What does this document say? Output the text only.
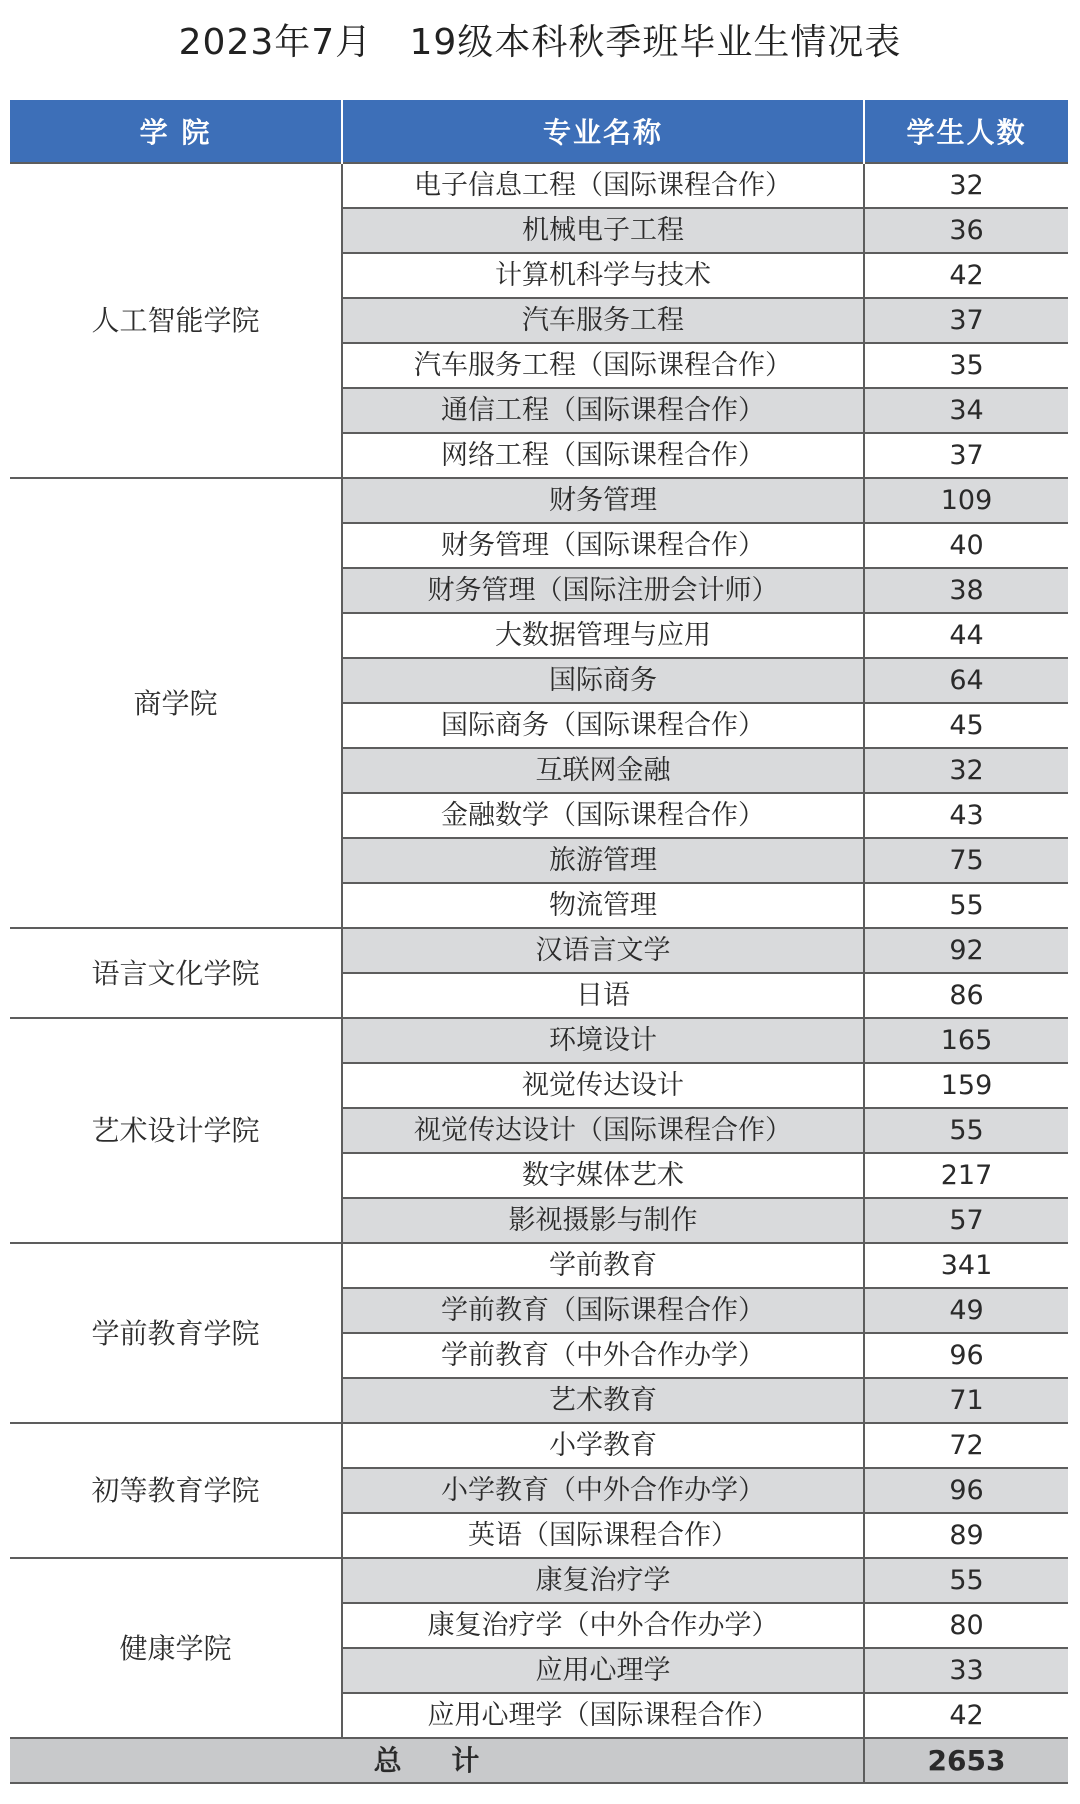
2023年7月   19级本科秋季班毕业生情况表
学 院	专业名称	学生人数
人工智能学院	电子信息工程（国际课程合作）	32
	机械电子工程	36
	计算机科学与技术	42
	汽车服务工程	37
	汽车服务工程（国际课程合作）	35
	通信工程（国际课程合作）	34
	网络工程（国际课程合作）	37
商学院	财务管理	109
	财务管理（国际课程合作）	40
	财务管理（国际注册会计师）	38
	大数据管理与应用	44
	国际商务	64
	国际商务（国际课程合作）	45
	互联网金融	32
	金融数学（国际课程合作）	43
	旅游管理	75
	物流管理	55
语言文化学院	汉语言文学	92
	日语	86
艺术设计学院	环境设计	165
	视觉传达设计	159
	视觉传达设计（国际课程合作）	55
	数字媒体艺术	217
	影视摄影与制作	57
学前教育学院	学前教育	341
	学前教育（国际课程合作）	49
	学前教育（中外合作办学）	96
	艺术教育	71
初等教育学院	小学教育	72
	小学教育（中外合作办学）	96
	英语（国际课程合作）	89
健康学院	康复治疗学	55
	康复治疗学（中外合作办学）	80
	应用心理学	33
	应用心理学（国际课程合作）	42
总 计		2653
